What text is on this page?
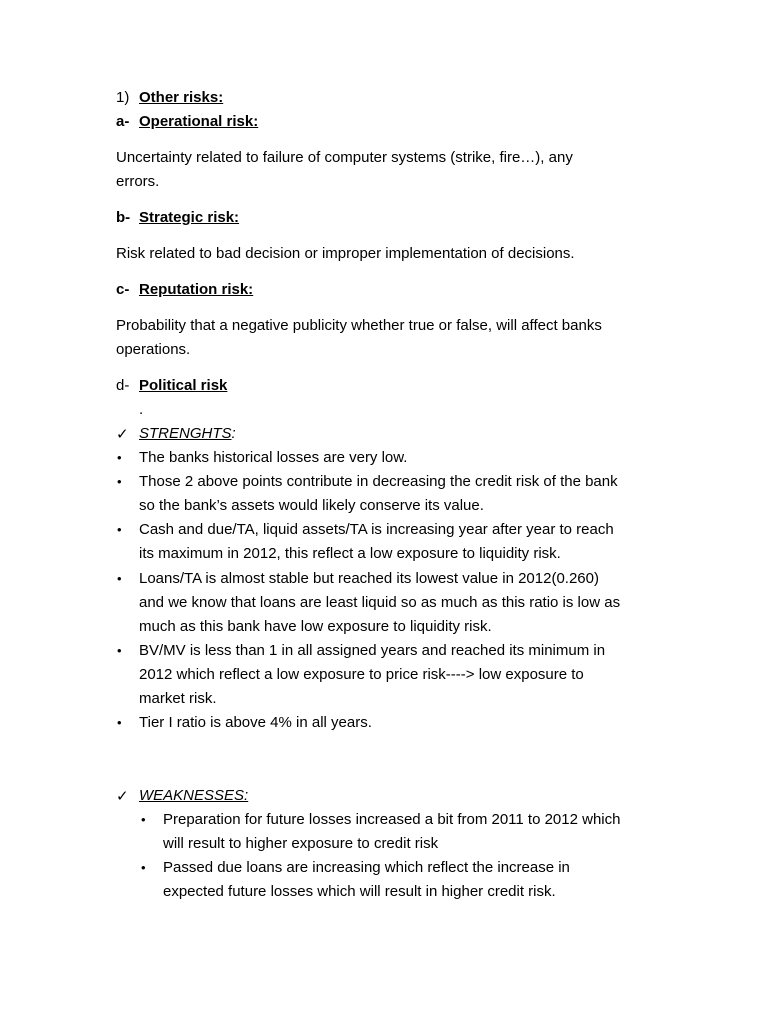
1) Other risks:
a- Operational risk:
Uncertainty related to failure of computer systems (strike, fire…), any
errors.
b- Strategic risk:
Risk related to bad decision or improper implementation of decisions.
c- Reputation risk:
Probability that a negative publicity whether true or false, will affect banks
operations.
d- Political risk
.
✓ STRENGHTS:
• The banks historical losses are very low.
• Those 2 above points contribute in decreasing the credit risk of the bank
so the bank’s assets would likely conserve its value.
• Cash and due/TA, liquid assets/TA is increasing year after year to reach
its maximum in 2012, this reflect a low exposure to liquidity risk.
• Loans/TA is almost stable but reached its lowest value in 2012(0.260)
and we know that loans are least liquid so as much as this ratio is low as
much as this bank have low exposure to liquidity risk.
• BV/MV is less than 1 in all assigned years and reached its minimum in
2012 which reflect a low exposure to price risk----> low exposure to
market risk.
• Tier I ratio is above 4% in all years.
✓ WEAKNESSES:
• Preparation for future losses increased a bit from 2011 to 2012 which
will result to higher exposure to credit risk
• Passed due loans are increasing which reflect the increase in
expected future losses which will result in higher credit risk.
